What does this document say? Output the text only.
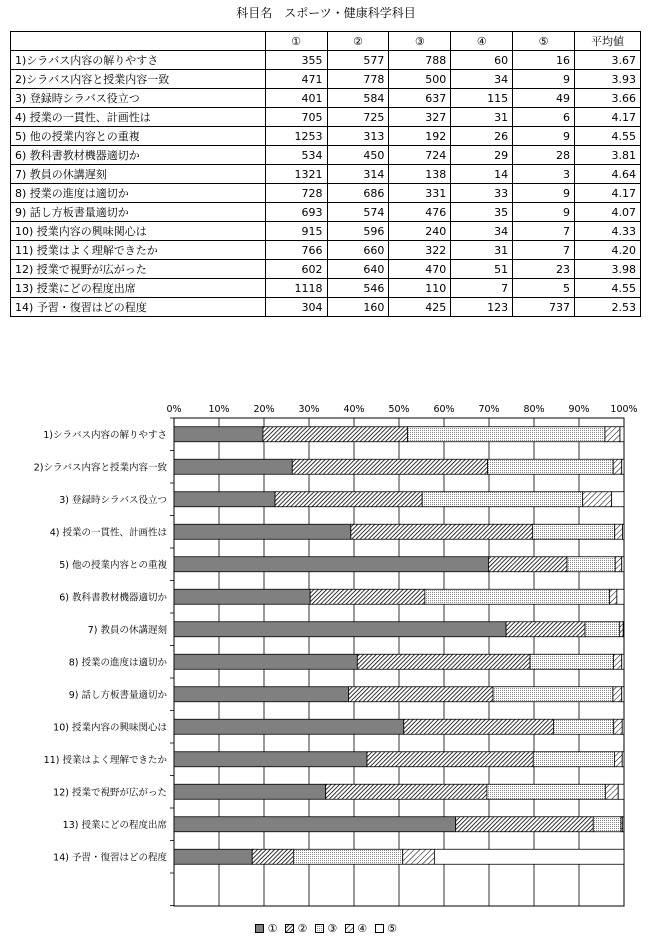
科目名　スポーツ・健康科学科目
	①	②	③	④	⑤	平均値
1)シラバス内容の解りやすさ	355	577	788	60	16	3.67
2)シラバス内容と授業内容一致	471	778	500	34	9	3.93
3) 登録時シラバス役立つ	401	584	637	115	49	3.66
4) 授業の一貫性、計画性は	705	725	327	31	6	4.17
5) 他の授業内容との重複	1253	313	192	26	9	4.55
6) 教科書教材機器適切か	534	450	724	29	28	3.81
7) 教員の休講遅刻	1321	314	138	14	3	4.64
8) 授業の進度は適切か	728	686	331	33	9	4.17
9) 話し方板書量適切か	693	574	476	35	9	4.07
10) 授業内容の興味関心は	915	596	240	34	7	4.33
11) 授業はよく理解できたか	766	660	322	31	7	4.20
12) 授業で視野が広がった	602	640	470	51	23	3.98
13) 授業にどの程度出席	1118	546	110	7	5	4.55
14) 予習・復習はどの程度	304	160	425	123	737	2.53
0%	10%	20%	30%	40%	50%	60%	70%	80%	90% 100%
1)シラバス内容の解りやすさ
2)シラバス内容と授業内容一致
3) 登録時シラバス役立つ
4) 授業の一貫性、計画性は
5) 他の授業内容との重複
6) 教科書教材機器適切か
7) 教員の休講遅刻
8) 授業の進度は適切か
9) 話し方板書量適切か
10) 授業内容の興味関心は
11) 授業はよく理解できたか
12) 授業で視野が広がった
13) 授業にどの程度出席
14) 予習・復習はどの程度
① ② ③ ④ ⑤
